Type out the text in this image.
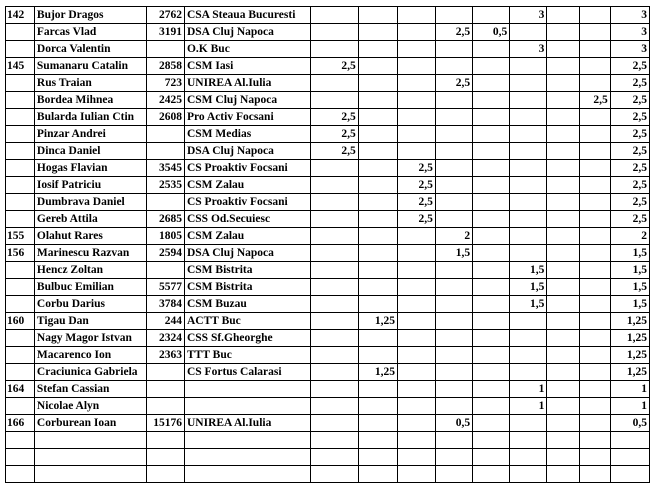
142	Bujor Dragos	2762	CSA Steaua Bucuresti						3			3
	Farcas Vlad	3191	DSA Cluj Napoca				2,5	0,5				3
	Dorca Valentin		O.K Buc						3			3
145	Sumanaru Catalin	2858	CSM Iasi	2,5								2,5
	Rus Traian	723	UNIREA Al.Iulia				2,5					2,5
	Bordea Mihnea	2425	CSM Cluj Napoca								2,5	2,5
	Bularda Iulian Ctin	2608	Pro Activ Focsani	2,5								2,5
	Pinzar Andrei		CSM Medias	2,5								2,5
	Dinca Daniel		DSA Cluj Napoca	2,5								2,5
	Hogas Flavian	3545	CS Proaktiv Focsani			2,5						2,5
	Iosif Patriciu	2535	CSM Zalau			2,5						2,5
	Dumbrava Daniel		CS Proaktiv Focsani			2,5						2,5
	Gereb Attila	2685	CSS Od.Secuiesc			2,5						2,5
155	Olahut Rares	1805	CSM Zalau				2					2
156	Marinescu Razvan	2594	DSA Cluj Napoca				1,5					1,5
	Hencz Zoltan		CSM Bistrita						1,5			1,5
	Bulbuc Emilian	5577	CSM Bistrita						1,5			1,5
	Corbu Darius	3784	CSM Buzau						1,5			1,5
160	Tigau Dan	244	ACTT Buc		1,25							1,25
	Nagy Magor Istvan	2324	CSS Sf.Gheorghe									1,25
	Macarenco Ion	2363	TTT Buc									1,25
	Craciunica Gabriela		CS Fortus Calarasi		1,25							1,25
164	Stefan Cassian								1			1
	Nicolae Alyn								1			1
166	Corburean Ioan	15176	UNIREA Al.Iulia				0,5					0,5
